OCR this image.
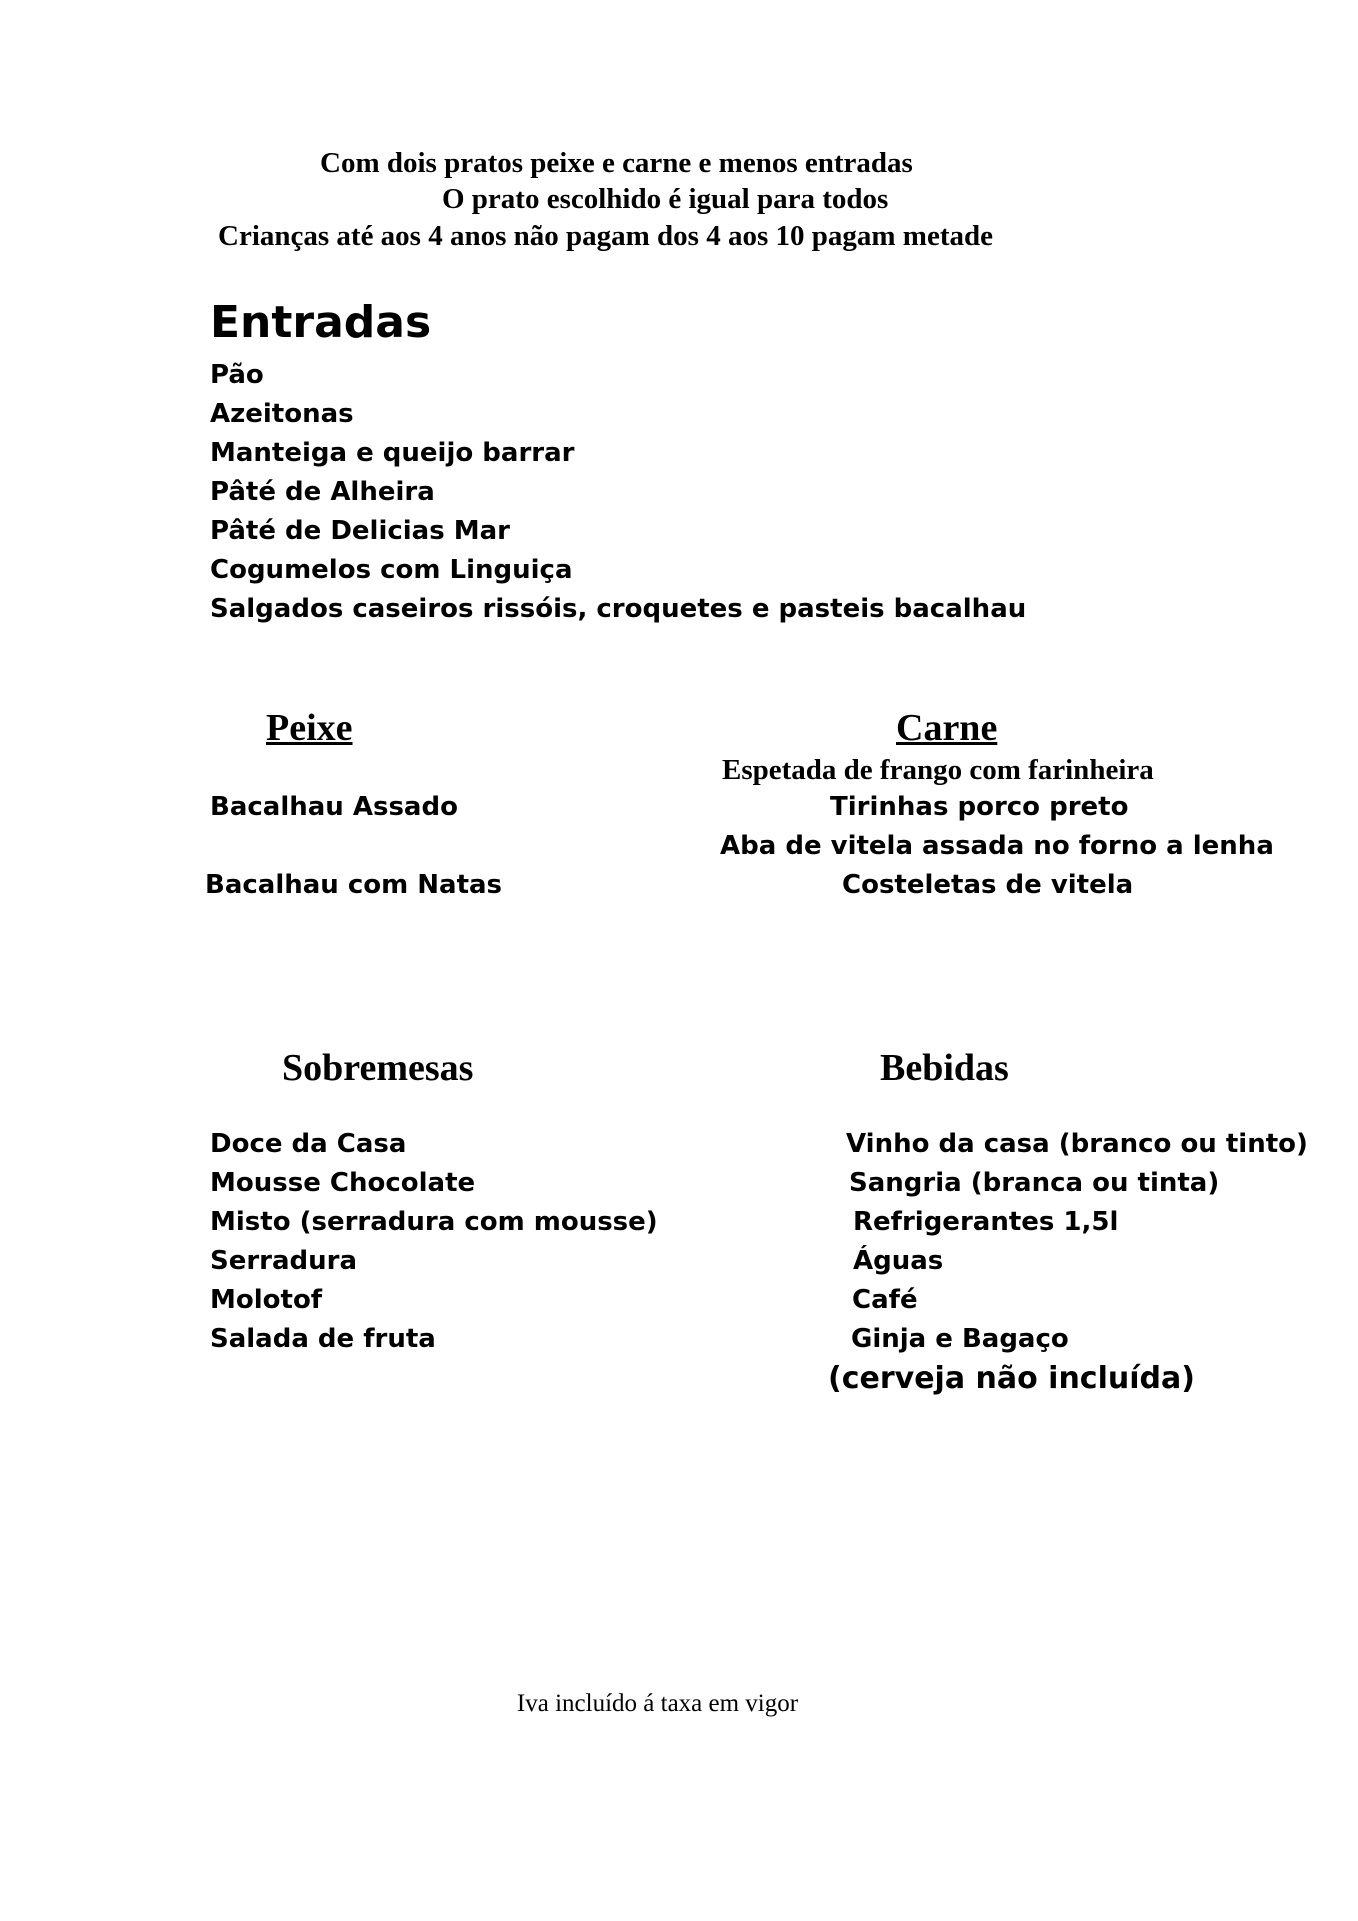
Com dois pratos peixe e carne e menos entradas
O prato escolhido é igual para todos
Crianças até aos 4 anos não pagam dos 4 aos 10 pagam metade
Entradas
Pão
Azeitonas
Manteiga e queijo barrar
Pâté de Alheira
Pâté de Delicias Mar
Cogumelos com Linguiça
Salgados caseiros rissóis, croquetes e pasteis bacalhau
Peixe
Bacalhau Assado
Bacalhau com Natas
Carne
Espetada de frango com farinheira
Tirinhas porco preto
Aba de vitela assada no forno a lenha
Costeletas de vitela
Sobremesas
Doce da Casa
Mousse Chocolate
Misto (serradura com mousse)
Serradura
Molotof
Salada de fruta
Bebidas
Vinho da casa (branco ou tinto)
Sangria (branca ou tinta)
Refrigerantes 1,5l
Águas
Café
Ginja e Bagaço
(cerveja não incluída)
Iva incluído á taxa em vigor
